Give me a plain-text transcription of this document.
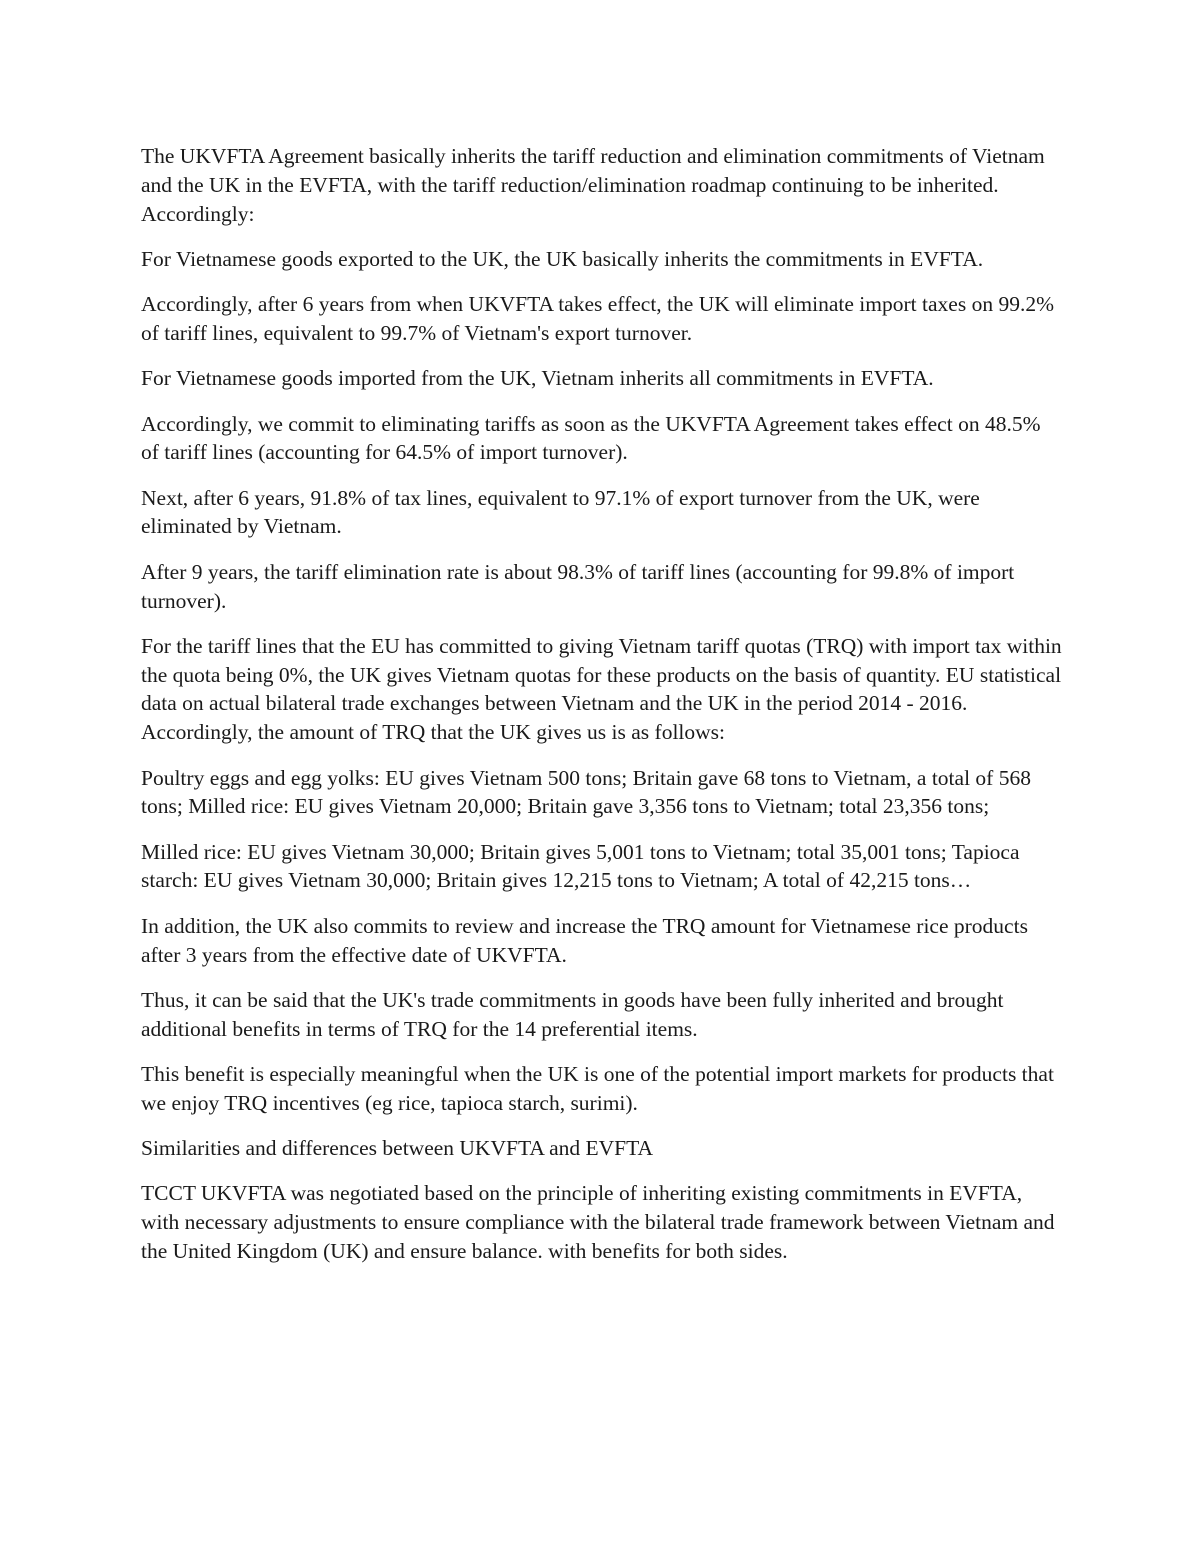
The UKVFTA Agreement basically inherits the tariff reduction and elimination commitments of Vietnam and the UK in the EVFTA, with the tariff reduction/elimination roadmap continuing to be inherited. Accordingly:

For Vietnamese goods exported to the UK, the UK basically inherits the commitments in EVFTA.

Accordingly, after 6 years from when UKVFTA takes effect, the UK will eliminate import taxes on 99.2% of tariff lines, equivalent to 99.7% of Vietnam's export turnover.

For Vietnamese goods imported from the UK, Vietnam inherits all commitments in EVFTA.

Accordingly, we commit to eliminating tariffs as soon as the UKVFTA Agreement takes effect on 48.5% of tariff lines (accounting for 64.5% of import turnover).

Next, after 6 years, 91.8% of tax lines, equivalent to 97.1% of export turnover from the UK, were eliminated by Vietnam.

After 9 years, the tariff elimination rate is about 98.3% of tariff lines (accounting for 99.8% of import turnover).

For the tariff lines that the EU has committed to giving Vietnam tariff quotas (TRQ) with import tax within the quota being 0%, the UK gives Vietnam quotas for these products on the basis of quantity. EU statistical data on actual bilateral trade exchanges between Vietnam and the UK in the period 2014 - 2016. Accordingly, the amount of TRQ that the UK gives us is as follows:

Poultry eggs and egg yolks: EU gives Vietnam 500 tons; Britain gave 68 tons to Vietnam, a total of 568 tons; Milled rice: EU gives Vietnam 20,000; Britain gave 3,356 tons to Vietnam; total 23,356 tons;

Milled rice: EU gives Vietnam 30,000; Britain gives 5,001 tons to Vietnam; total 35,001 tons; Tapioca starch: EU gives Vietnam 30,000; Britain gives 12,215 tons to Vietnam; A total of 42,215 tons…

In addition, the UK also commits to review and increase the TRQ amount for Vietnamese rice products after 3 years from the effective date of UKVFTA.

Thus, it can be said that the UK's trade commitments in goods have been fully inherited and brought additional benefits in terms of TRQ for the 14 preferential items.

This benefit is especially meaningful when the UK is one of the potential import markets for products that we enjoy TRQ incentives (eg rice, tapioca starch, surimi).

Similarities and differences between UKVFTA and EVFTA

TCCT UKVFTA was negotiated based on the principle of inheriting existing commitments in EVFTA, with necessary adjustments to ensure compliance with the bilateral trade framework between Vietnam and the United Kingdom (UK) and ensure balance. with benefits for both sides.
